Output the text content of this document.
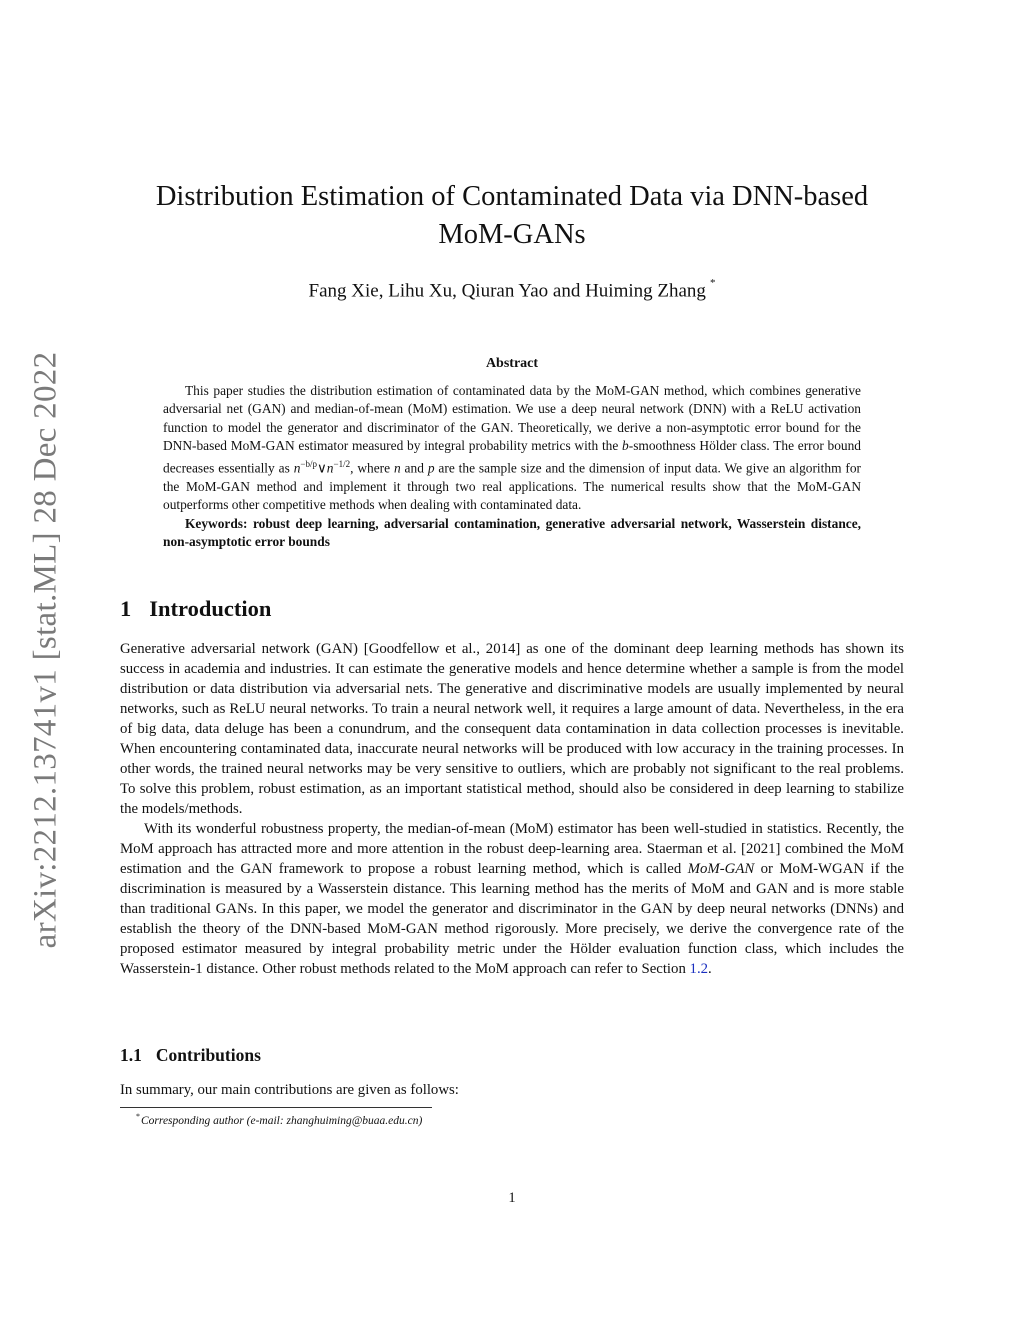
arXiv:2212.13741v1 [stat.ML] 28 Dec 2022
Distribution Estimation of Contaminated Data via DNN-based MoM-GANs
Fang Xie, Lihu Xu, Qiuran Yao and Huiming Zhang *
Abstract

This paper studies the distribution estimation of contaminated data by the MoM-GAN method, which combines generative adversarial net (GAN) and median-of-mean (MoM) estimation. We use a deep neural network (DNN) with a ReLU activation function to model the generator and discriminator of the GAN. Theoretically, we derive a non-asymptotic error bound for the DNN-based MoM-GAN estimator measured by integral probability metrics with the b-smoothness Hölder class. The error bound decreases essentially as $n^{-b/p}\vee n^{-1/2}$, where n and p are the sample size and the dimension of input data. We give an algorithm for the MoM-GAN method and implement it through two real applications. The numerical results show that the MoM-GAN outperforms other competitive methods when dealing with contaminated data.

Keywords: robust deep learning, adversarial contamination, generative adversarial network, Wasserstein distance, non-asymptotic error bounds

1 Introduction

Generative adversarial network (GAN) [Goodfellow et al., 2014] as one of the dominant deep learning methods has shown its success in academia and industries. It can estimate the generative models and hence determine whether a sample is from the model distribution or data distribution via adversarial nets. The generative and discriminative models are usually implemented by neural networks, such as ReLU neural networks. To train a neural network well, it requires a large amount of data. Nevertheless, in the era of big data, data deluge has been a conundrum, and the consequent data contamination in data collection processes is inevitable. When encountering contaminated data, inaccurate neural networks will be produced with low accuracy in the training processes. In other words, the trained neural networks may be very sensitive to outliers, which are probably not significant to the real problems. To solve this problem, robust estimation, as an important statistical method, should also be considered in deep learning to stabilize the models/methods.

With its wonderful robustness property, the median-of-mean (MoM) estimator has been well-studied in statistics. Recently, the MoM approach has attracted more and more attention in the robust deep-learning area. Staerman et al. [2021] combined the MoM estimation and the GAN framework to propose a robust learning method, which is called MoM-GAN or MoM-WGAN if the discrimination is measured by a Wasserstein distance. This learning method has the merits of MoM and GAN and is more stable than traditional GANs. In this paper, we model the generator and discriminator in the GAN by deep neural networks (DNNs) and establish the theory of the DNN-based MoM-GAN method rigorously. More precisely, we derive the convergence rate of the proposed estimator measured by integral probability metric under the Hölder evaluation function class, which includes the Wasserstein-1 distance. Other robust methods related to the MoM approach can refer to Section 1.2.

1.1 Contributions
In summary, our main contributions are given as follows:
*Corresponding author (e-mail: zhanghuiming@buaa.edu.cn)
1
